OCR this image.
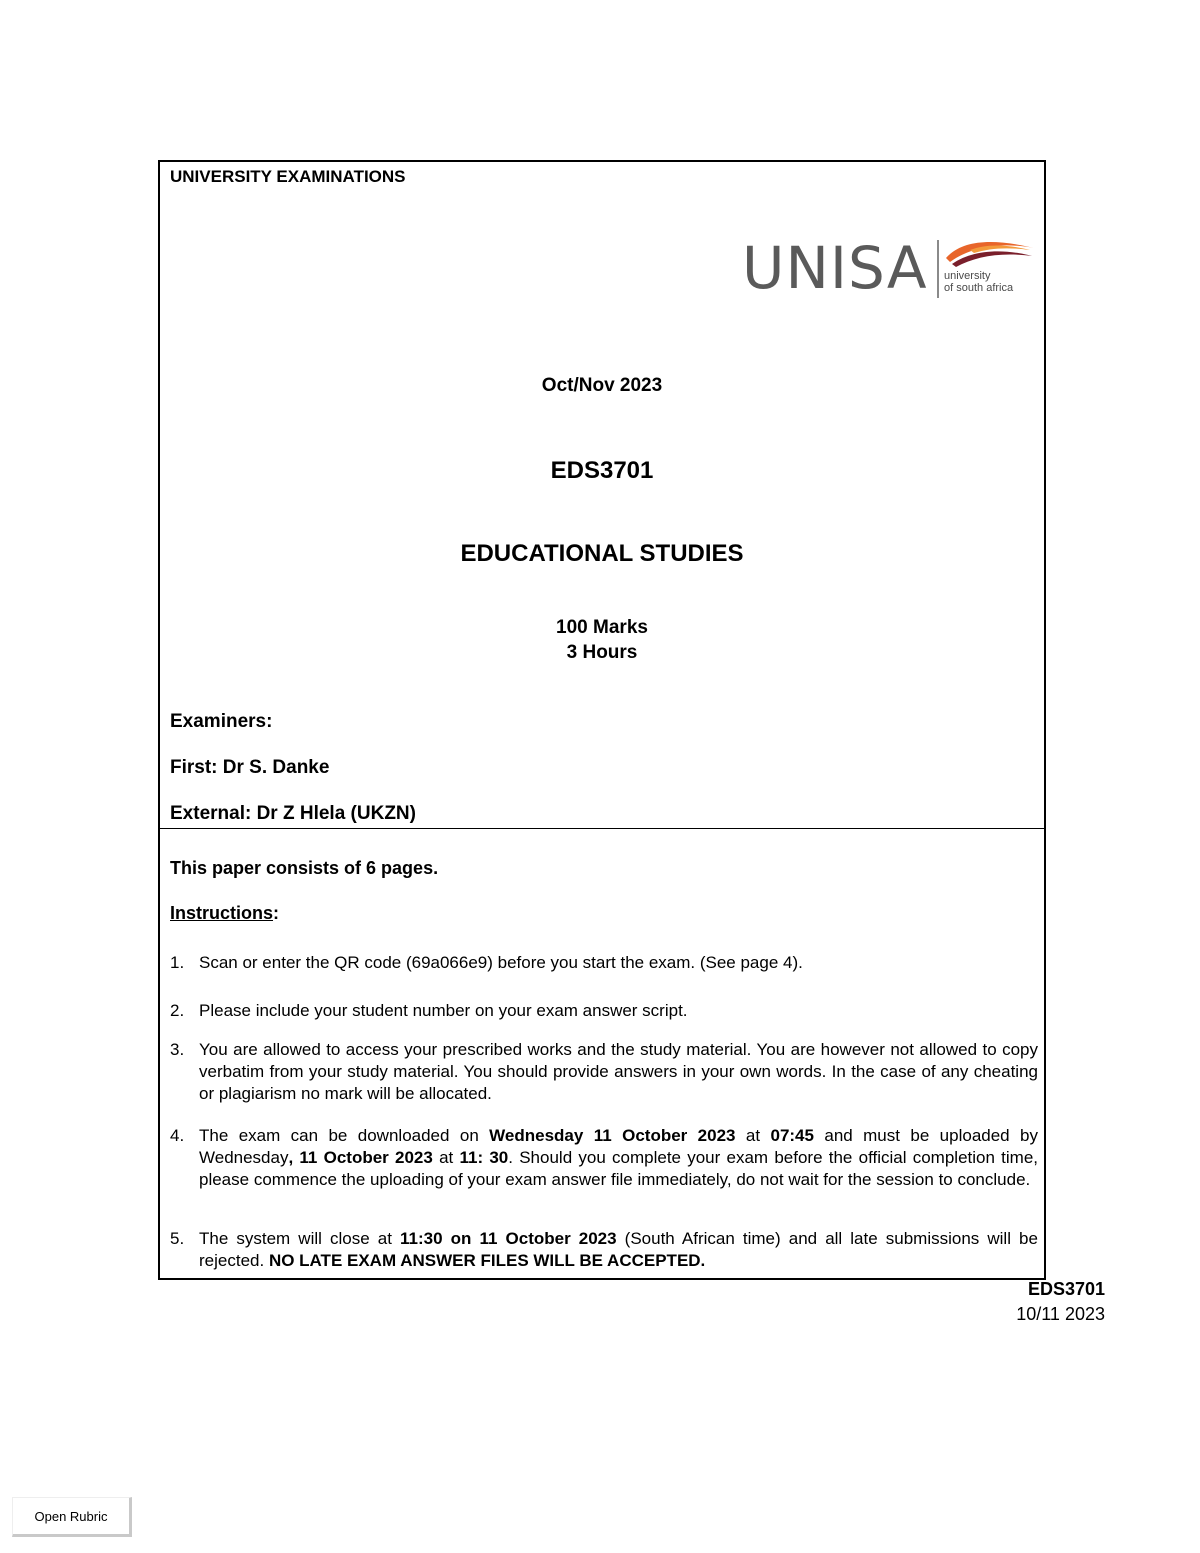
UNIVERSITY EXAMINATIONS
UNISA university
of south africa
Oct/Nov 2023
EDS3701
EDUCATIONAL STUDIES
100 Marks
3 Hours
Examiners:
First: Dr S. Danke
External: Dr Z Hlela (UKZN)
This paper consists of 6 pages.
Instructions:
1. Scan or enter the QR code (69a066e9) before you start the exam. (See page 4).
2. Please include your student number on your exam answer script.
3. You are allowed to access your prescribed works and the study material. You are however not allowed to copy verbatim from your study material. You should provide answers in your own words. In the case of any cheating or plagiarism no mark will be allocated.
4. The exam can be downloaded on Wednesday 11 October 2023 at 07:45 and must be uploaded by Wednesday, 11 October 2023 at 11: 30. Should you complete your exam before the official completion time, please commence the uploading of your exam answer file immediately, do not wait for the session to conclude.
5. The system will close at 11:30 on 11 October 2023 (South African time) and all late submissions will be rejected. NO LATE EXAM ANSWER FILES WILL BE ACCEPTED.
EDS3701
10/11 2023
Open Rubric
